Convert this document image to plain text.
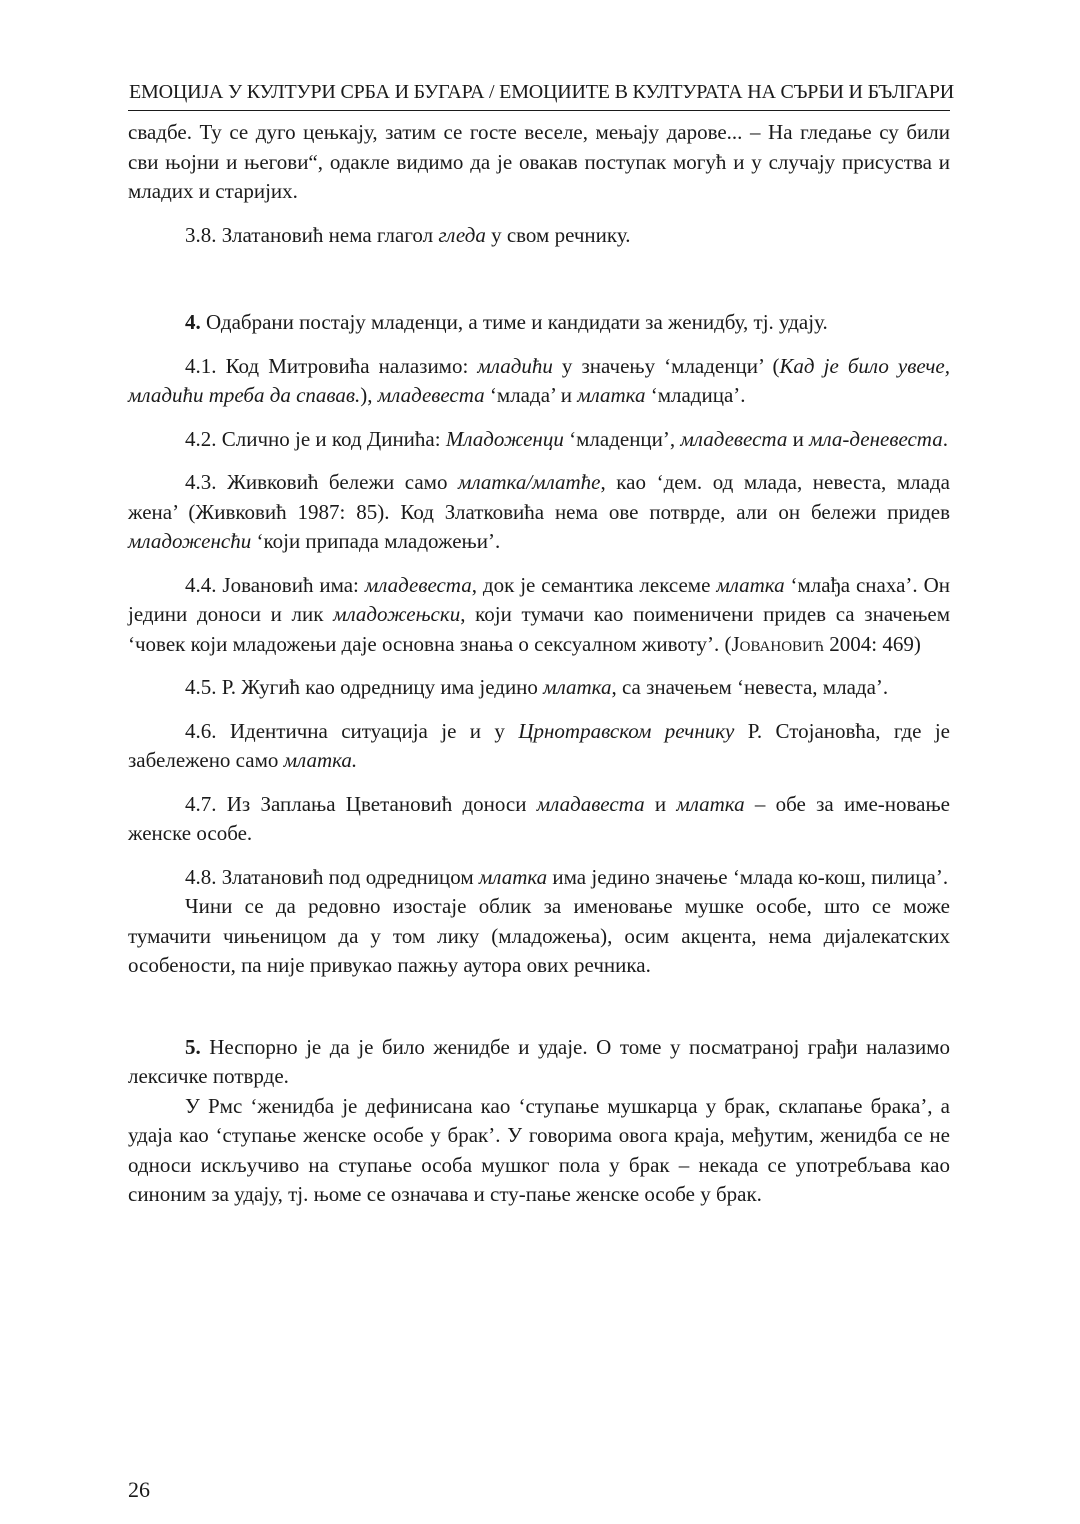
ЕМОЦИЈА У КУЛТУРИ СРБА И БУГАРА / ЕМОЦИИТЕ В КУЛТУРАТА НА СЪРБИ И БЪЛГАРИ

свадбе. Ту се дуго цењкају, затим се госте веселе, мењају дарове... – На гледање су били сви њојни и његови“, одакле видимо да је овакав поступак могућ и у случају присуства и младих и старијих.

3.8. Златановић нема глагол гледа у свом речнику.

4. Одабрани постају младенци, а тиме и кандидати за женидбу, тј. удају.

4.1. Код Митровића налазимо: младићи у значењу ‘младенци’ (Кад је било увече, младићи треба да спавав.), младевеста ‘млада’ и млатка ‘младица’.

4.2. Слично је и код Динића: Младоженци ‘младенци’, младевеста и мла-деневеста.

4.3. Живковић бележи само млатка/млатће, као ‘дем. од млада, невеста, млада жена’ (Живковић 1987: 85). Код Златковића нема ове потврде, али он бележи придев младоженсћи ‘који припада младожењи’.

4.4. Јовановић има: младевеста, док је семантика лексеме млатка ‘млађа снаха’. Он једини доноси и лик младожењски, који тумачи као поименичени придев са значењем ‘човек који младожењи даје основна знања о сексуалном животу’. (Јовановић 2004: 469)

4.5. Р. Жугић као одредницу има једино млатка, са значењем ‘невеста, млада’.

4.6. Идентична ситуација је и у Црнотравском речнику Р. Стојановћа, где је забележено само млатка.

4.7. Из Заплања Цветановић доноси младавеста и млатка – обе за име-новање женске особе.

4.8. Златановић под одредницом млатка има једино значење ‘млада ко-кош, пилица’.

Чини се да редовно изостаје облик за именовање мушке особе, што се може тумачити чињеницом да у том лику (младожења), осим акцента, нема дијалекатских особености, па није привукао пажњу аутора ових речника.

5. Неспорно је да је било женидбе и удаје. О томе у посматраној грађи налазимо лексичке потврде.

У Рмс ‘женидба је дефинисана као ‘ступање мушкарца у брак, склапање брака’, а удаја као ‘ступање женске особе у брак’. У говорима овога краја, међутим, женидба се не односи искључиво на ступање особа мушког пола у брак – некада се употребљава као синоним за удају, тј. њоме се означава и сту-пање женске особе у брак.

26
